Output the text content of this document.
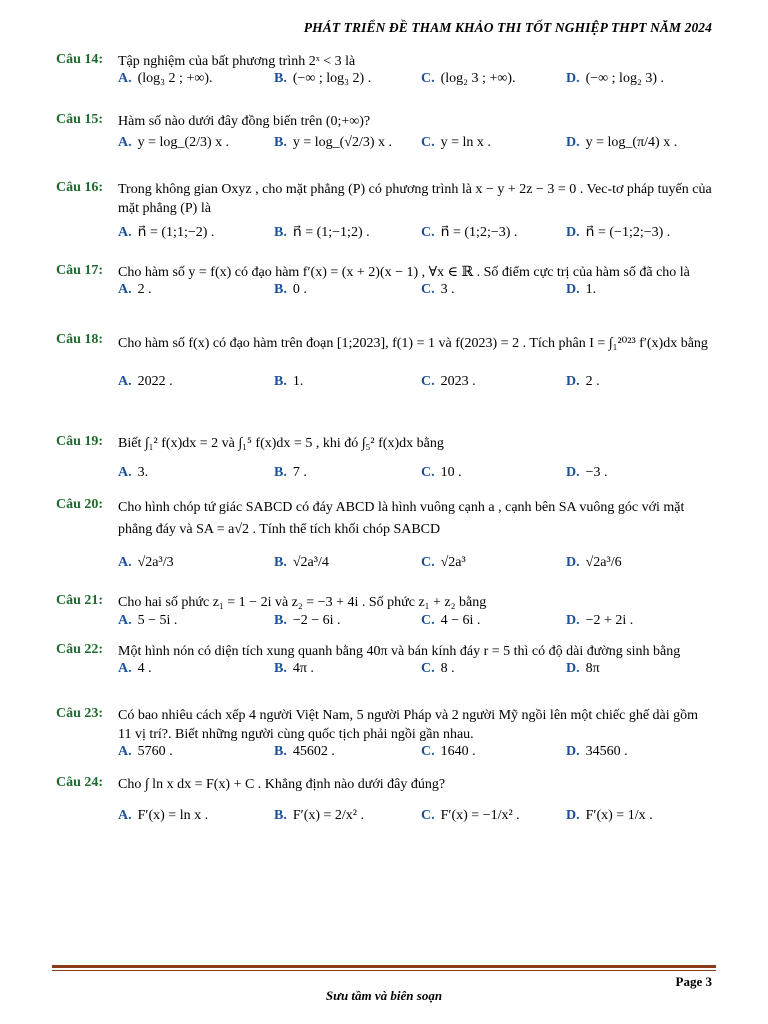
PHÁT TRIỂN ĐỀ THAM KHẢO THI TỐT NGHIỆP THPT NĂM 2024
Câu 14: Tập nghiệm của bất phương trình 2ˣ < 3 là
A. (log₃ 2 ; +∞).	B. (−∞ ; log₃ 2) .	C. (log₂ 3 ; +∞).	D. (−∞ ; log₂ 3) .
Câu 15: Hàm số nào dưới đây đồng biến trên (0;+∞)?
A. y = log_(2/3) x .	B. y = log_(√2/3) x . C. y = ln x .	D. y = log_(π/4) x .
Câu 16: Trong không gian Oxyz , cho mặt phẳng (P) có phương trình là x − y + 2z − 3 = 0 . Vec-tơ pháp tuyến của mặt phẳng (P) là
A. n⃗ = (1;1;−2) .	B. n⃗ = (1;−1;2) .	C. n⃗ = (1;2;−3) .	D. n⃗ = (−1;2;−3) .
Câu 17: Cho hàm số y = f(x) có đạo hàm f′(x) = (x + 2)(x − 1) , ∀x ∈ ℝ . Số điểm cực trị của hàm số đã cho là
A. 2 .	B. 0 .	C. 3 .	D. 1.
Câu 18: Cho hàm số f(x) có đạo hàm trên đoạn [1;2023], f(1) = 1 và f(2023) = 2 . Tích phân I = ∫₁²⁰²³ f′(x)dx bằng
A. 2022 .	B. 1.	C. 2023 .	D. 2 .
Câu 19: Biết ∫₁² f(x)dx = 2 và ∫₁⁵ f(x)dx = 5 , khi đó ∫₅² f(x)dx bằng
A. 3.	B. 7 .	C. 10 .	D. −3 .
Câu 20: Cho hình chóp tứ giác SABCD có đáy ABCD là hình vuông cạnh a , cạnh bên SA vuông góc với mặt phẳng đáy và SA = a√2 . Tính thể tích khối chóp SABCD
A. √2a³/3	B. √2a³/4	C. √2a³	D. √2a³/6
Câu 21: Cho hai số phức z₁ = 1 − 2i và z₂ = −3 + 4i . Số phức z₁ + z₂ bằng
A. 5 − 5i .	B. −2 − 6i .	C. 4 − 6i .	D. −2 + 2i .
Câu 22: Một hình nón có diện tích xung quanh bằng 40π và bán kính đáy r = 5 thì có độ dài đường sinh bằng
A. 4 .	B. 4π .	C. 8 .	D. 8π
Câu 23: Có bao nhiêu cách xếp 4 người Việt Nam, 5 người Pháp và 2 người Mỹ ngồi lên một chiếc ghế dài gồm 11 vị trí?. Biết những người cùng quốc tịch phải ngồi gần nhau.
A. 5760 .	B. 45602 .	C. 1640 .	D. 34560 .
Câu 24: Cho ∫ ln x dx = F(x) + C . Khẳng định nào dưới đây đúng?
A. F′(x) = ln x .	B. F′(x) = 2/x² .	C. F′(x) = −1/x² .	D. F′(x) = 1/x .
Page 3
Sưu tầm và biên soạn
